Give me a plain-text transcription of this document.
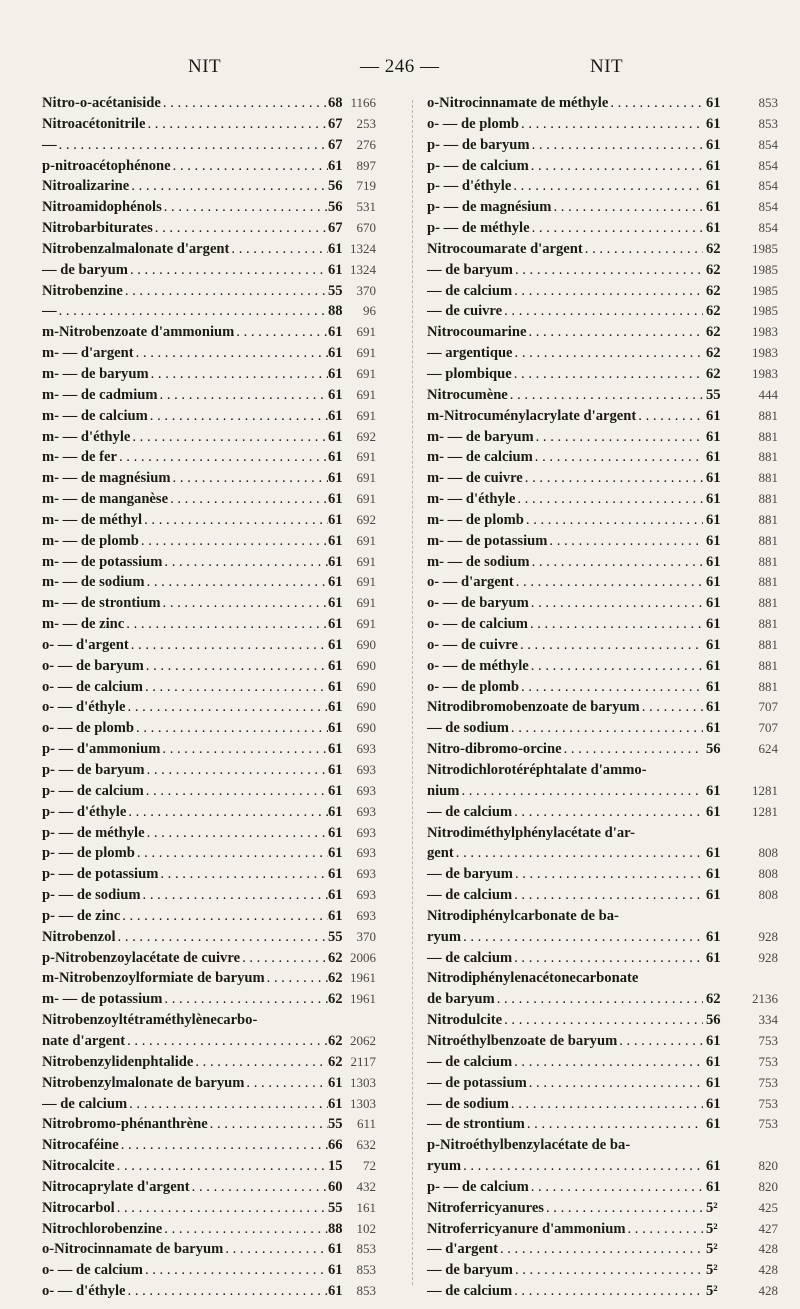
NIT	— 246 —	NIT
Nitro-o-acétaniside . . .	68 1166
Nitroacétonitrile . . .	67	253
— . . .	67	276
p-nitroacétophénone . . .	61	897
Nitroalizarine . . .	56	719
Nitroamidophénols . . .	56	531
Nitrobarbiturates . . .	67	670
Nitrobenzalmalonate d'argent . . .	61 1324
— de baryum . . .	61 1324
Nitrobenzine . . .	55	370
— . . .	88	96
m-Nitrobenzoate d'ammonium . . .	61	691
m- — d'argent . . .	61	691
m- — de baryum . . .	61	691
m- — de cadmium . . .	61	691
m- — de calcium . . .	61	691
m- — d'éthyle . . .	61	692
m- — de fer . . .	61	691
m- — de magnésium . . .	61	691
m- — de manganèse . . .	61	691
m- — de méthyl . . .	61	692
m- — de plomb . . .	61	691
m- — de potassium . . .	61	691
m- — de sodium . . .	61	691
m- — de strontium . . .	61	691
m- — de zinc . . .	61	691
o- — d'argent . . .	61	690
o- — de baryum . . .	61	690
o- — de calcium . . .	61	690
o- — d'éthyle . . .	61	690
o- — de plomb . . .	61	690
p- — d'ammonium . . .	61	693
p- — de baryum . . .	61	693
p- — de calcium . . .	61	693
p- — d'éthyle . . .	61	693
p- — de méthyle . . .	61	693
p- — de plomb . . .	61	693
p- — de potassium . . .	61	693
p- — de sodium . . .	61	693
p- — de zinc . . .	61	693
Nitrobenzol . . .	55	370
p-Nitrobenzoylacétate de cuivre . . .	62 2006
m-Nitrobenzoylformiate de baryum . . .	62 1961
m- — de potassium . . .	62 1961
Nitrobenzoyltétraméthylènecarbo-
nate d'argent . . .	62 2062
Nitrobenzylidenphtalide . . .	62 2117
Nitrobenzylmalonate de baryum . . .	61 1303
— de calcium . . .	61 1303
Nitrobromo-phénanthrène . . .	55	611
Nitrocaféine . . .	66	632
Nitrocalcite . . .	15	72
Nitrocaprylate d'argent . . .	60	432
Nitrocarbol . . .	55	161
Nitrochlorobenzine . . .	88	102
o-Nitrocinnamate de baryum . . .	61	853
o- — de calcium . . .	61	853
o- — d'éthyle . . .	61	853
o-Nitrocinnamate de méthyle . . .	61	853
o- — de plomb . . .	61	853
p- — de baryum . . .	61	854
p- — de calcium . . .	61	854
p- — d'éthyle . . .	61	854
p- — de magnésium . . .	61	854
p- — de méthyle . . .	61	854
Nitrocoumarate d'argent . . .	62	1985
— de baryum . . .	62	1985
— de calcium . . .	62	1985
— de cuivre . . .	62	1985
Nitrocoumarine . . .	62	1983
— argentique . . .	62	1983
— plombique . . .	62	1983
Nitrocumène . . .	55	444
m-Nitrocuménylacrylate d'argent . . .	61	881
m- — de baryum . . .	61	881
m- — de calcium . . .	61	881
m- — de cuivre . . .	61	881
m- — d'éthyle . . .	61	881
m- — de plomb . . .	61	881
m- — de potassium . . .	61	881
m- — de sodium . . .	61	881
o- — d'argent . . .	61	881
o- — de baryum . . .	61	881
o- — de calcium . . .	61	881
o- — de cuivre . . .	61	881
o- — de méthyle . . .	61	881
o- — de plomb . . .	61	881
Nitrodibromobenzoate de baryum . . .	61	707
— de sodium . . .	61	707
Nitro-dibromo-orcine . . .	56	624
Nitrodichlorotéréphtalate d'ammo-
nium . . .	61	1281
— de calcium . . .	61	1281
Nitrodiméthylphénylacétate d'ar-
gent . . .	61	808
— de baryum . . .	61	808
— de calcium . . .	61	808
Nitrodiphénylcarbonate de ba-
ryum . . .	61	928
— de calcium . . .	61	928
Nitrodiphénylenacétonecarbonate
de baryum . . .	62	2136
Nitrodulcite . . .	56	334
Nitroéthylbenzoate de baryum . . .	61	753
— de calcium . . .	61	753
— de potassium . . .	61	753
— de sodium . . .	61	753
— de strontium . . .	61	753
p-Nitroéthylbenzylacétate de ba-
ryum . . .	61	820
p- — de calcium . . .	61	820
Nitroferricyanures . . .	5²	425
Nitroferricyanure d'ammonium . . .	5²	427
— d'argent . . .	5²	428
— de baryum . . .	5²	428
— de calcium . . .	5²	428
